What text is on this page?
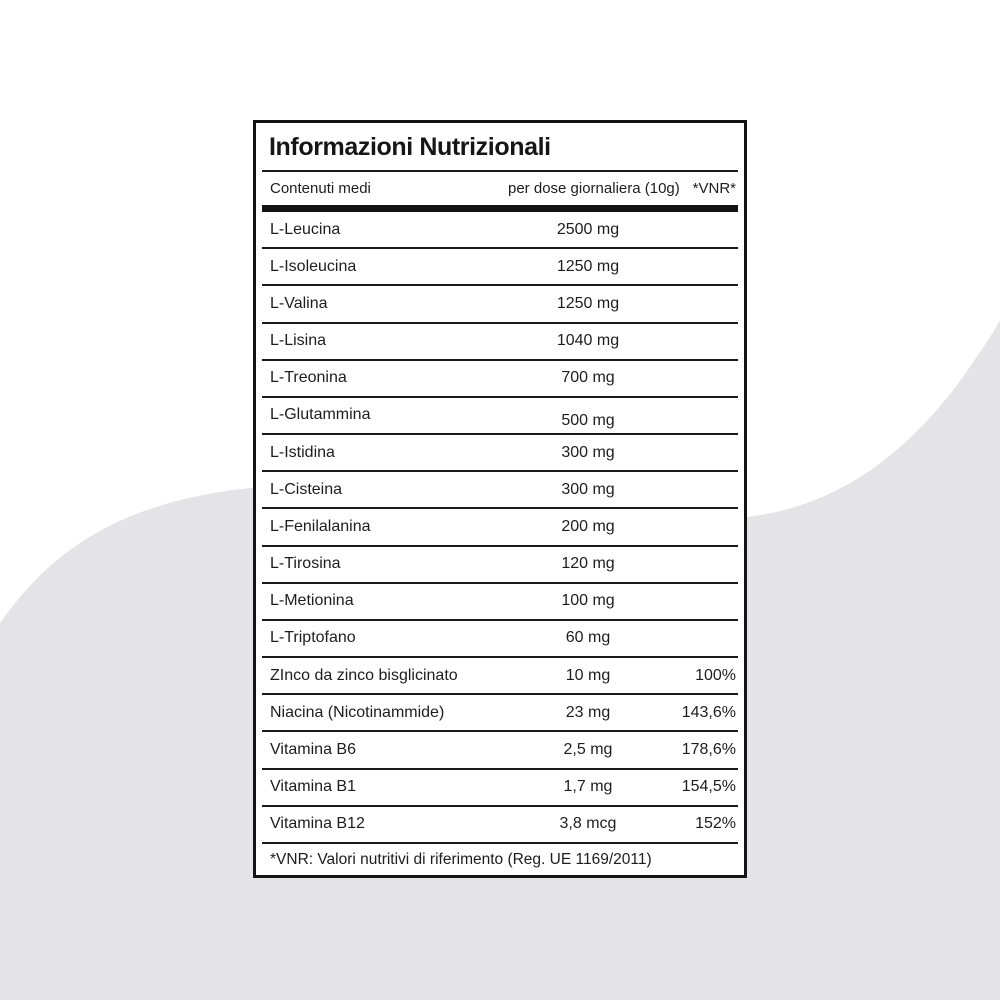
Informazioni Nutrizionali
Contenuti medi	per dose giornaliera (10g) *VNR*
L-Leucina	2500 mg
L-Isoleucina	1250 mg
L-Valina	1250 mg
L-Lisina	1040 mg
L-Treonina	700 mg
L-Glutammina	500 mg
L-Istidina	300 mg
L-Cisteina	300 mg
L-Fenilalanina	200 mg
L-Tirosina	120 mg
L-Metionina	100 mg
L-Triptofano	60 mg
ZInco da zinco bisglicinato	10 mg	100%
Niacina (Nicotinammide)	23 mg	143,6%
Vitamina B6	2,5 mg	178,6%
Vitamina B1	1,7 mg	154,5%
Vitamina B12	3,8 mcg	152%
*VNR: Valori nutritivi di riferimento (Reg. UE 1169/2011)
